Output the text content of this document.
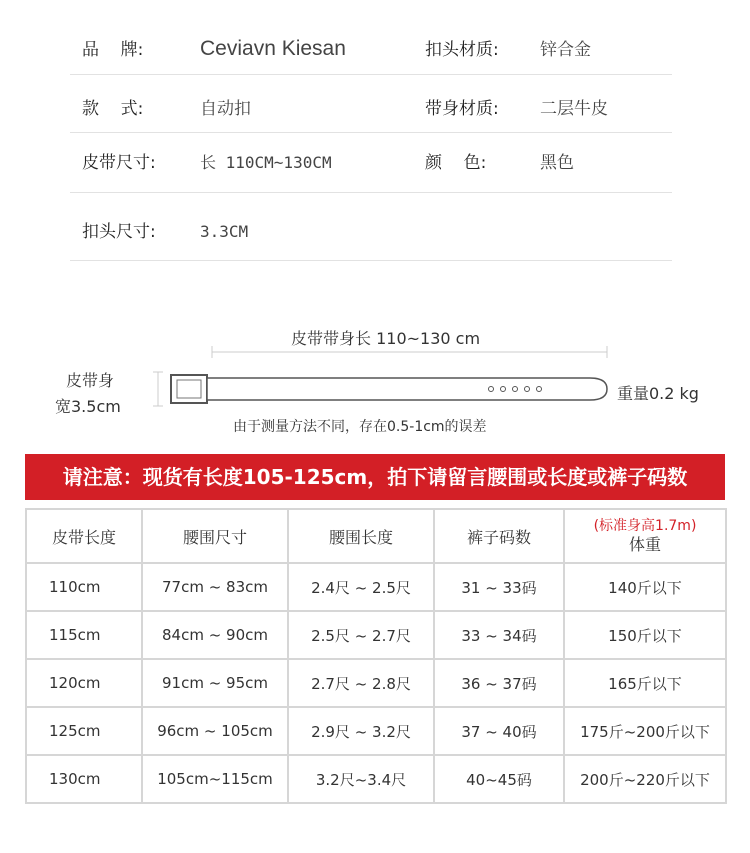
品    牌:	Ceviavn Kiesan	扣头材质: 锌合金
款    式:	自动扣	带身材质: 二层牛皮
皮带尺寸:	长 110CM~130CM	颜    色:	黑色
扣头尺寸:	3.3CM
皮带带身长 110~130 cm
皮带身
宽3.5cm
重量0.2 kg
由于测量方法不同，存在0.5-1cm的误差
请注意：现货有长度105-125cm，拍下请留言腰围或长度或裤子码数
皮带长度	腰围尺寸	腰围长度	裤子码数	(标准身高1.7m)
体重

110cm	77cm ~ 83cm	2.4尺 ~ 2.5尺	31 ~ 33码	140斤以下
115cm	84cm ~ 90cm	2.5尺 ~ 2.7尺	33 ~ 34码	150斤以下
120cm	91cm ~ 95cm	2.7尺 ~ 2.8尺	36 ~ 37码	165斤以下
125cm	96cm ~ 105cm	2.9尺 ~ 3.2尺	37 ~ 40码	175斤~200斤以下
130cm	105cm~115cm	3.2尺~3.4尺	40~45码	200斤~220斤以下
